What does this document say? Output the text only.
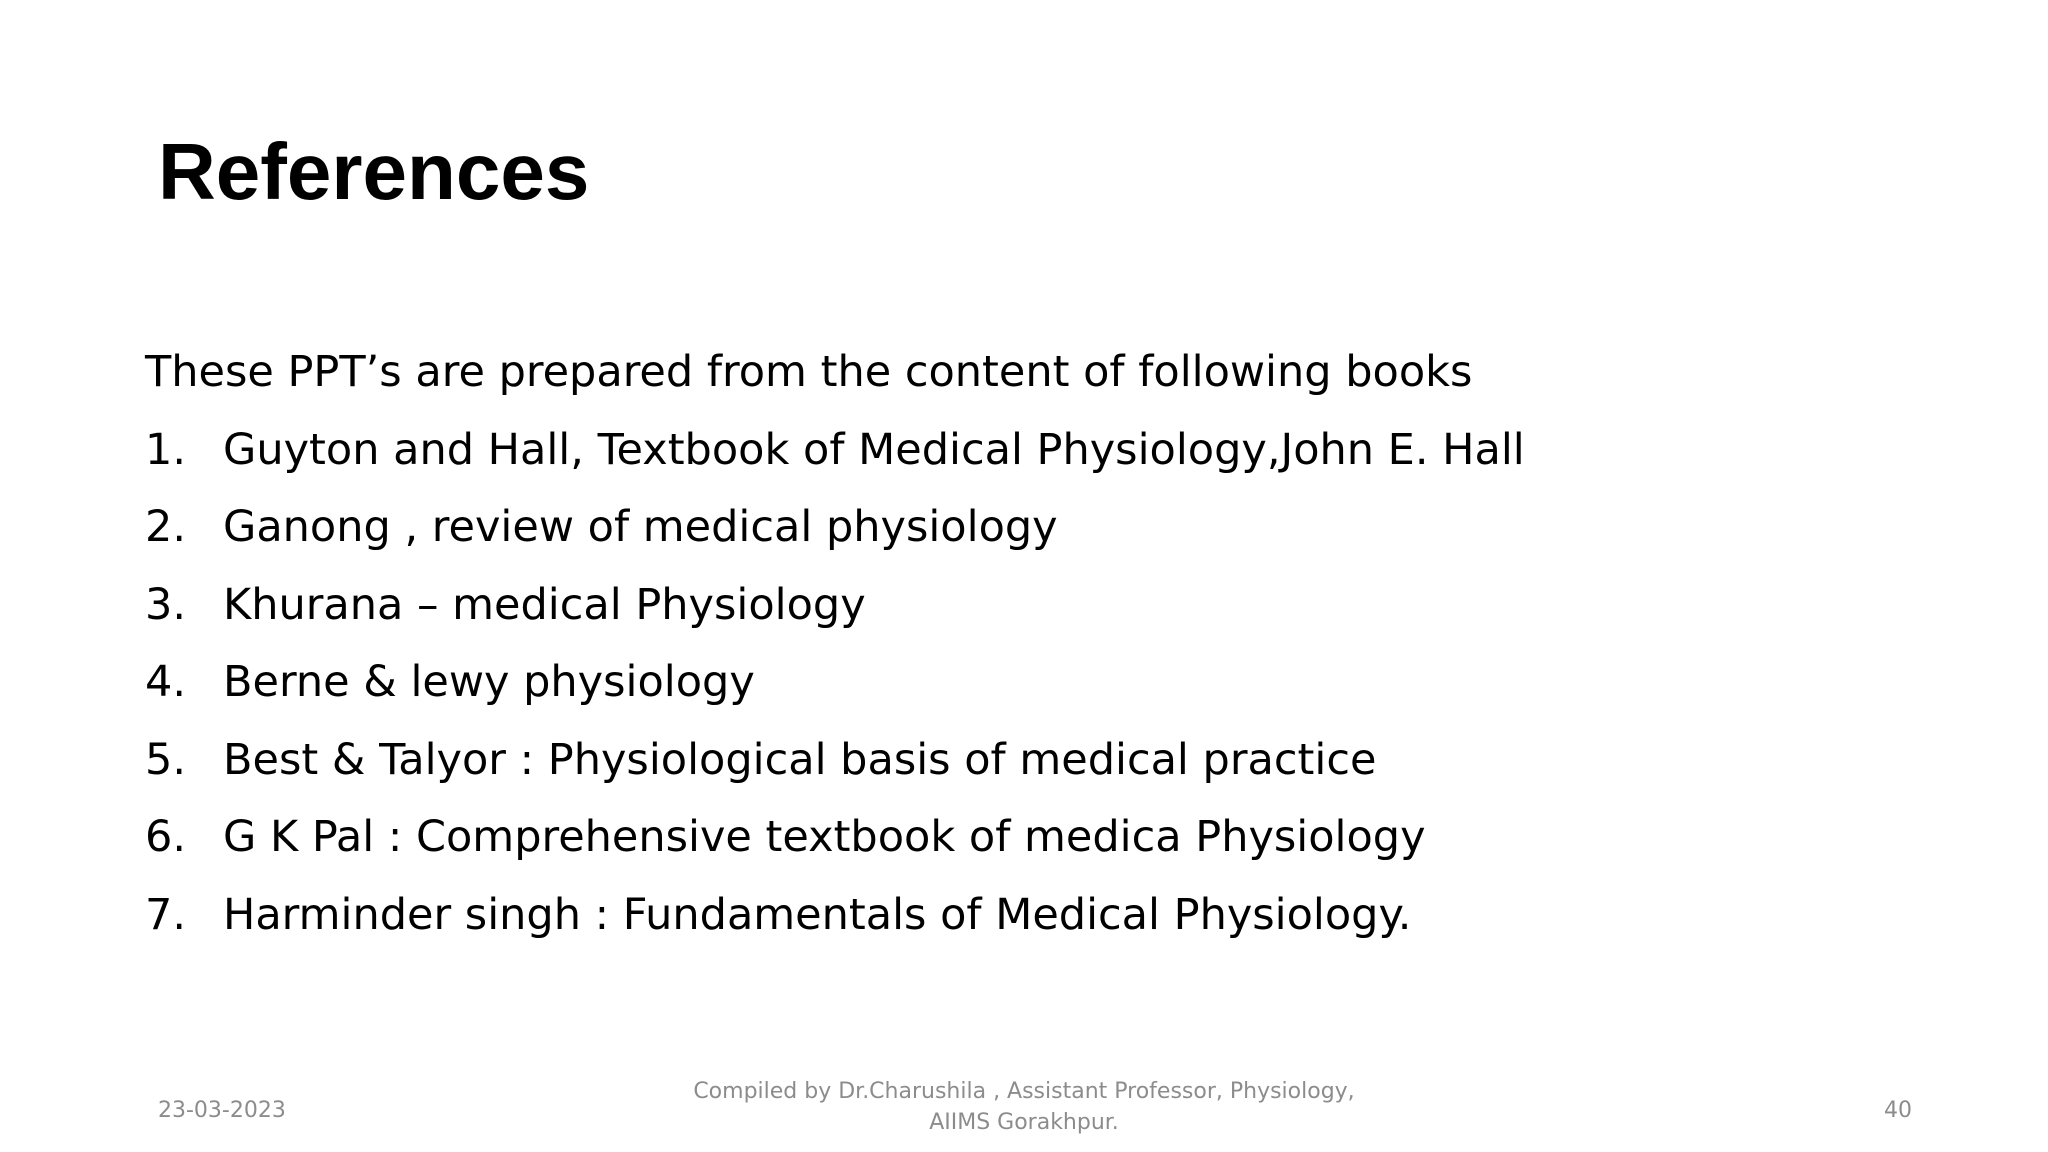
References
These PPT’s are prepared from the content of following books
1. Guyton and Hall, Textbook of Medical Physiology,John E. Hall
2. Ganong , review of medical physiology
3. Khurana – medical Physiology
4. Berne & lewy physiology
5. Best & Talyor : Physiological basis of medical practice
6. G K Pal : Comprehensive textbook of medica Physiology
7. Harminder singh : Fundamentals of Medical Physiology.
23-03-2023
Compiled by Dr.Charushila , Assistant Professor, Physiology,
AIIMS Gorakhpur.	40
